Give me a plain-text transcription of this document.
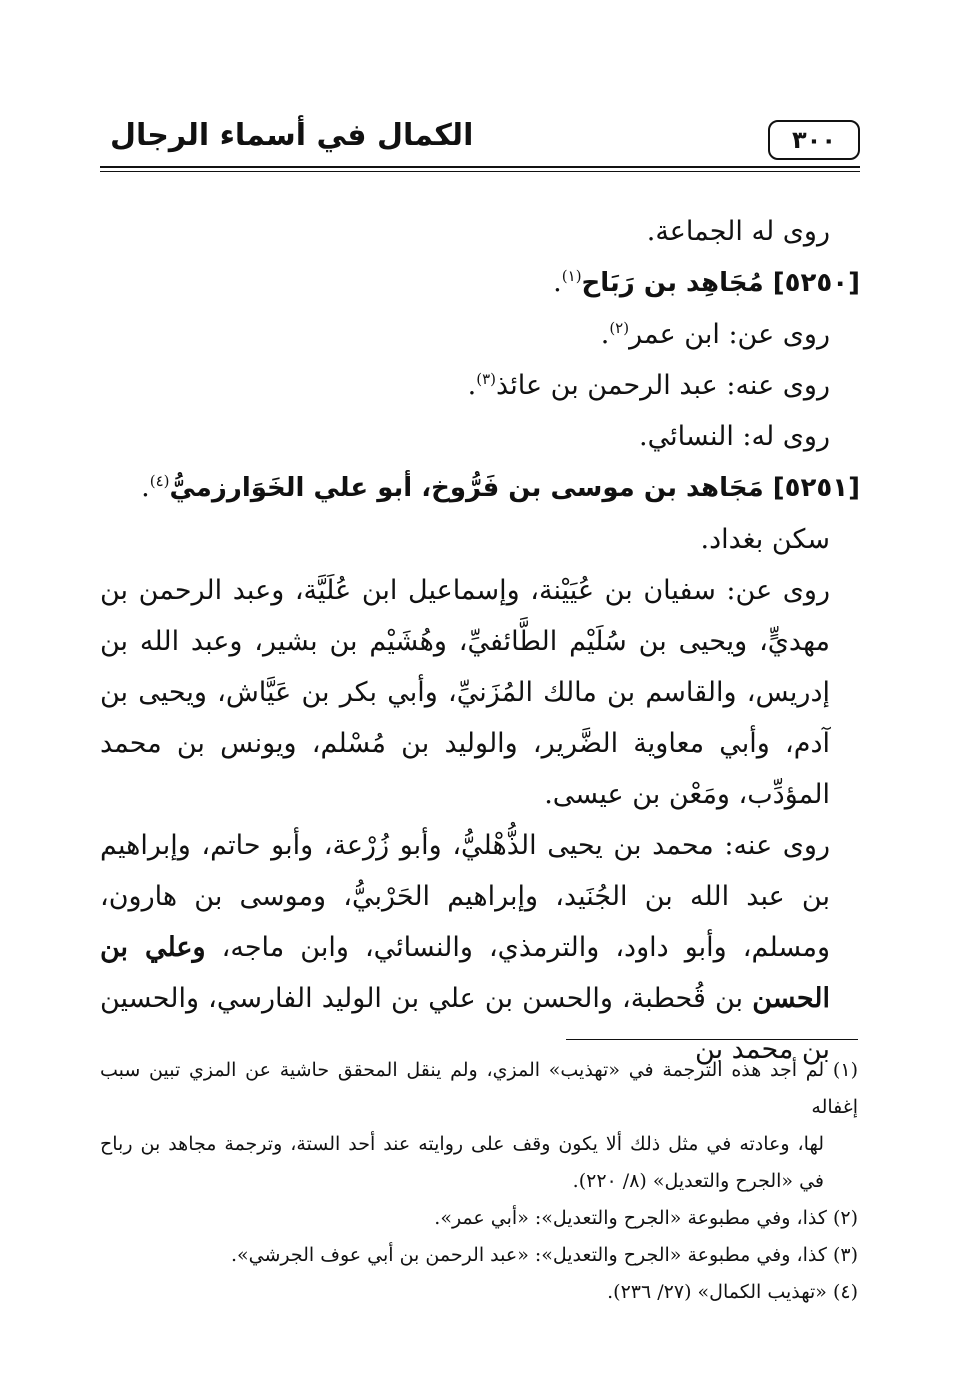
الكمال في أسماء الرجال	٣٠٠

روى له الجماعة.

[٥٢٥٠] مُجَاهِد بن رَبَاح$^{(١)}$.

روى عن: ابن عمر$^{(٢)}$.

روى عنه: عبد الرحمن بن عائذ$^{(٣)}$.

روى له: النسائي.

[٥٢٥١] مَجَاهد بن موسى بن فَرُّوخ، أبو علي الخَوَارزميُّ$^{(٤)}$.

سكن بغداد.

روى عن: سفيان بن عُيَيْنة، وإسماعيل ابن عُلَيَّة، وعبد الرحمن بن مهديٍّ، ويحيى بن سُلَيْم الطَّائفيِّ، وهُشَيْم بن بشير، وعبد الله بن إدريس، والقاسم بن مالك المُزَنيِّ، وأبي بكر بن عَيَّاش، ويحيى بن آدم، وأبي معاوية الضَّرير، والوليد بن مُسْلم، ويونس بن محمد المؤدِّب، ومَعْن بن عيسى.

روى عنه: محمد بن يحيى الذُّهْليُّ، وأبو زُرْعة، وأبو حاتم، وإبراهيم بن عبد الله بن الجُنَيد، وإبراهيم الحَرْبيُّ، وموسى بن هارون، ومسلم، وأبو داود، والترمذي، والنسائي، وابن ماجه، وعلي بن الحسن بن قُحطبة، والحسن بن علي بن الوليد الفارسي، والحسين بن محمد بن

(١) لم أجد هذه الترجمة في «تهذيب» المزي، ولم ينقل المحقق حاشية عن المزي تبين سبب إغفاله

لها، وعادته في مثل ذلك ألا يكون وقف على روايته عند أحد الستة، وترجمة مجاهد بن رباح في «الجرح والتعديل» (٨/ ٢٢٠).

(٢) كذا، وفي مطبوعة «الجرح والتعديل»: «أبي عمر».

(٣) كذا، وفي مطبوعة «الجرح والتعديل»: «عبد الرحمن بن أبي عوف الجرشي».

(٤) «تهذيب الكمال» (٢٧/ ٢٣٦).
